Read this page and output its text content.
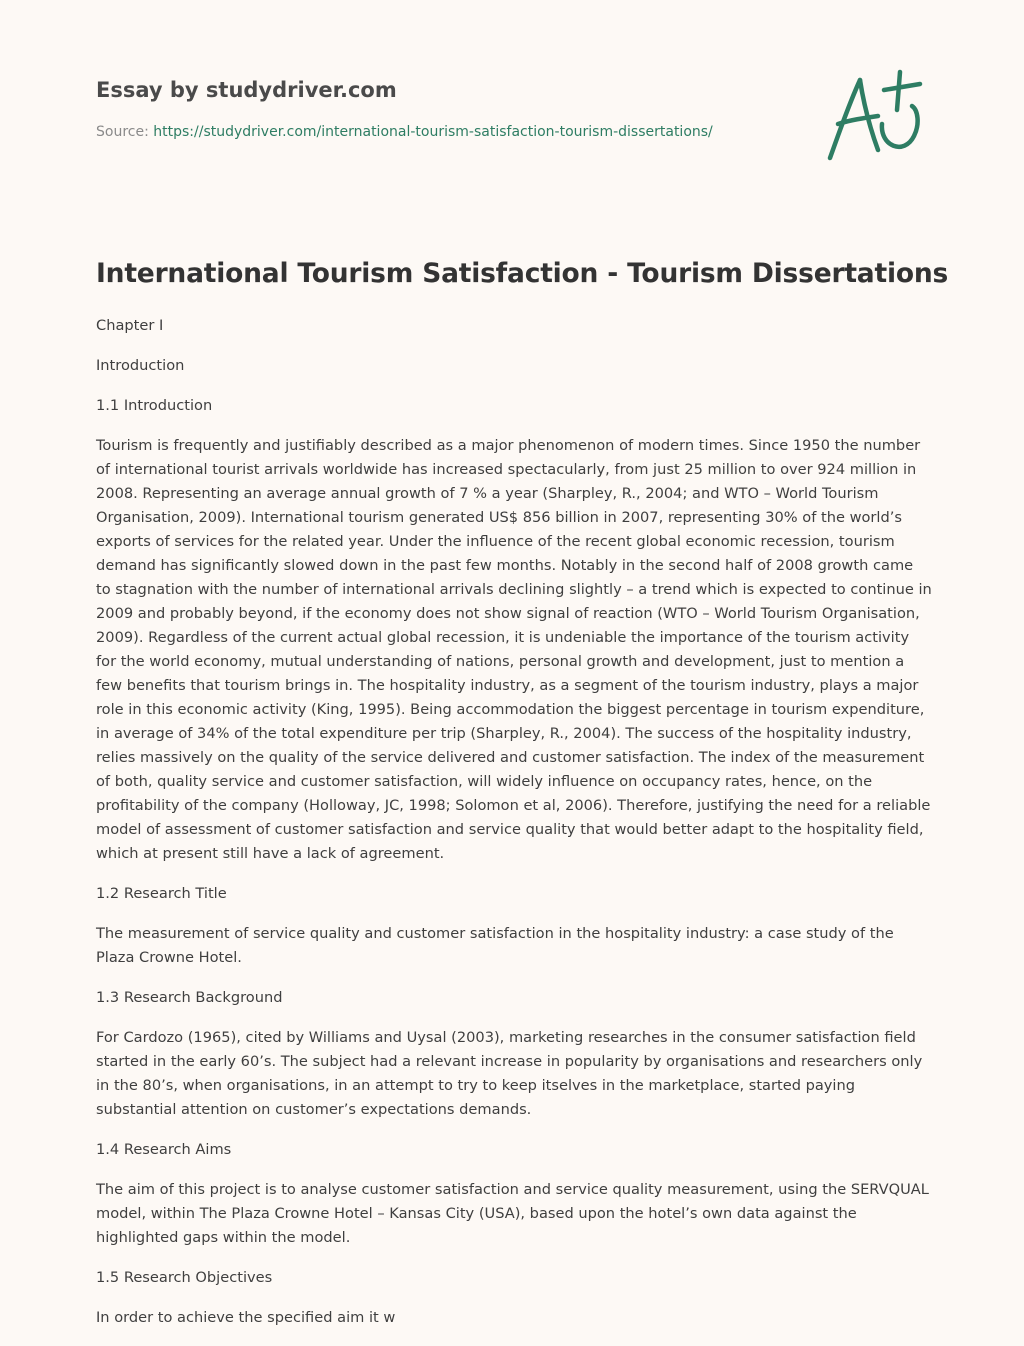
Essay by studydriver.com
Source: https://studydriver.com/international-tourism-satisfaction-tourism-dissertations/
International Tourism Satisfaction - Tourism Dissertations

Chapter I

Introduction

1.1 Introduction

Tourism is frequently and justifiably described as a major phenomenon of modern times. Since 1950 the number of international tourist arrivals worldwide has increased spectacularly, from just 25 million to over 924 million in 2008. Representing an average annual growth of 7 % a year (Sharpley, R., 2004; and WTO – World Tourism Organisation, 2009). International tourism generated US$ 856 billion in 2007, representing 30% of the world’s exports of services for the related year. Under the influence of the recent global economic recession, tourism demand has significantly slowed down in the past few months. Notably in the second half of 2008 growth came to stagnation with the number of international arrivals declining slightly – a trend which is expected to continue in 2009 and probably beyond, if the economy does not show signal of reaction (WTO – World Tourism Organisation, 2009). Regardless of the current actual global recession, it is undeniable the importance of the tourism activity for the world economy, mutual understanding of nations, personal growth and development, just to mention a few benefits that tourism brings in. The hospitality industry, as a segment of the tourism industry, plays a major role in this economic activity (King, 1995). Being accommodation the biggest percentage in tourism expenditure, in average of 34% of the total expenditure per trip (Sharpley, R., 2004). The success of the hospitality industry, relies massively on the quality of the service delivered and customer satisfaction. The index of the measurement of both, quality service and customer satisfaction, will widely influence on occupancy rates, hence, on the profitability of the company (Holloway, JC, 1998; Solomon et al, 2006). Therefore, justifying the need for a reliable model of assessment of customer satisfaction and service quality that would better adapt to the hospitality field, which at present still have a lack of agreement.

1.2 Research Title

The measurement of service quality and customer satisfaction in the hospitality industry: a case study of the Plaza Crowne Hotel.

1.3 Research Background

For Cardozo (1965), cited by Williams and Uysal (2003), marketing researches in the consumer satisfaction field started in the early 60’s. The subject had a relevant increase in popularity by organisations and researchers only in the 80’s, when organisations, in an attempt to try to keep itselves in the marketplace, started paying substantial attention on customer’s expectations demands.

1.4 Research Aims

The aim of this project is to analyse customer satisfaction and service quality measurement, using the SERVQUAL model, within The Plaza Crowne Hotel – Kansas City (USA), based upon the hotel’s own data against the highlighted gaps within the model.

1.5 Research Objectives

In order to achieve the specified aim it w
